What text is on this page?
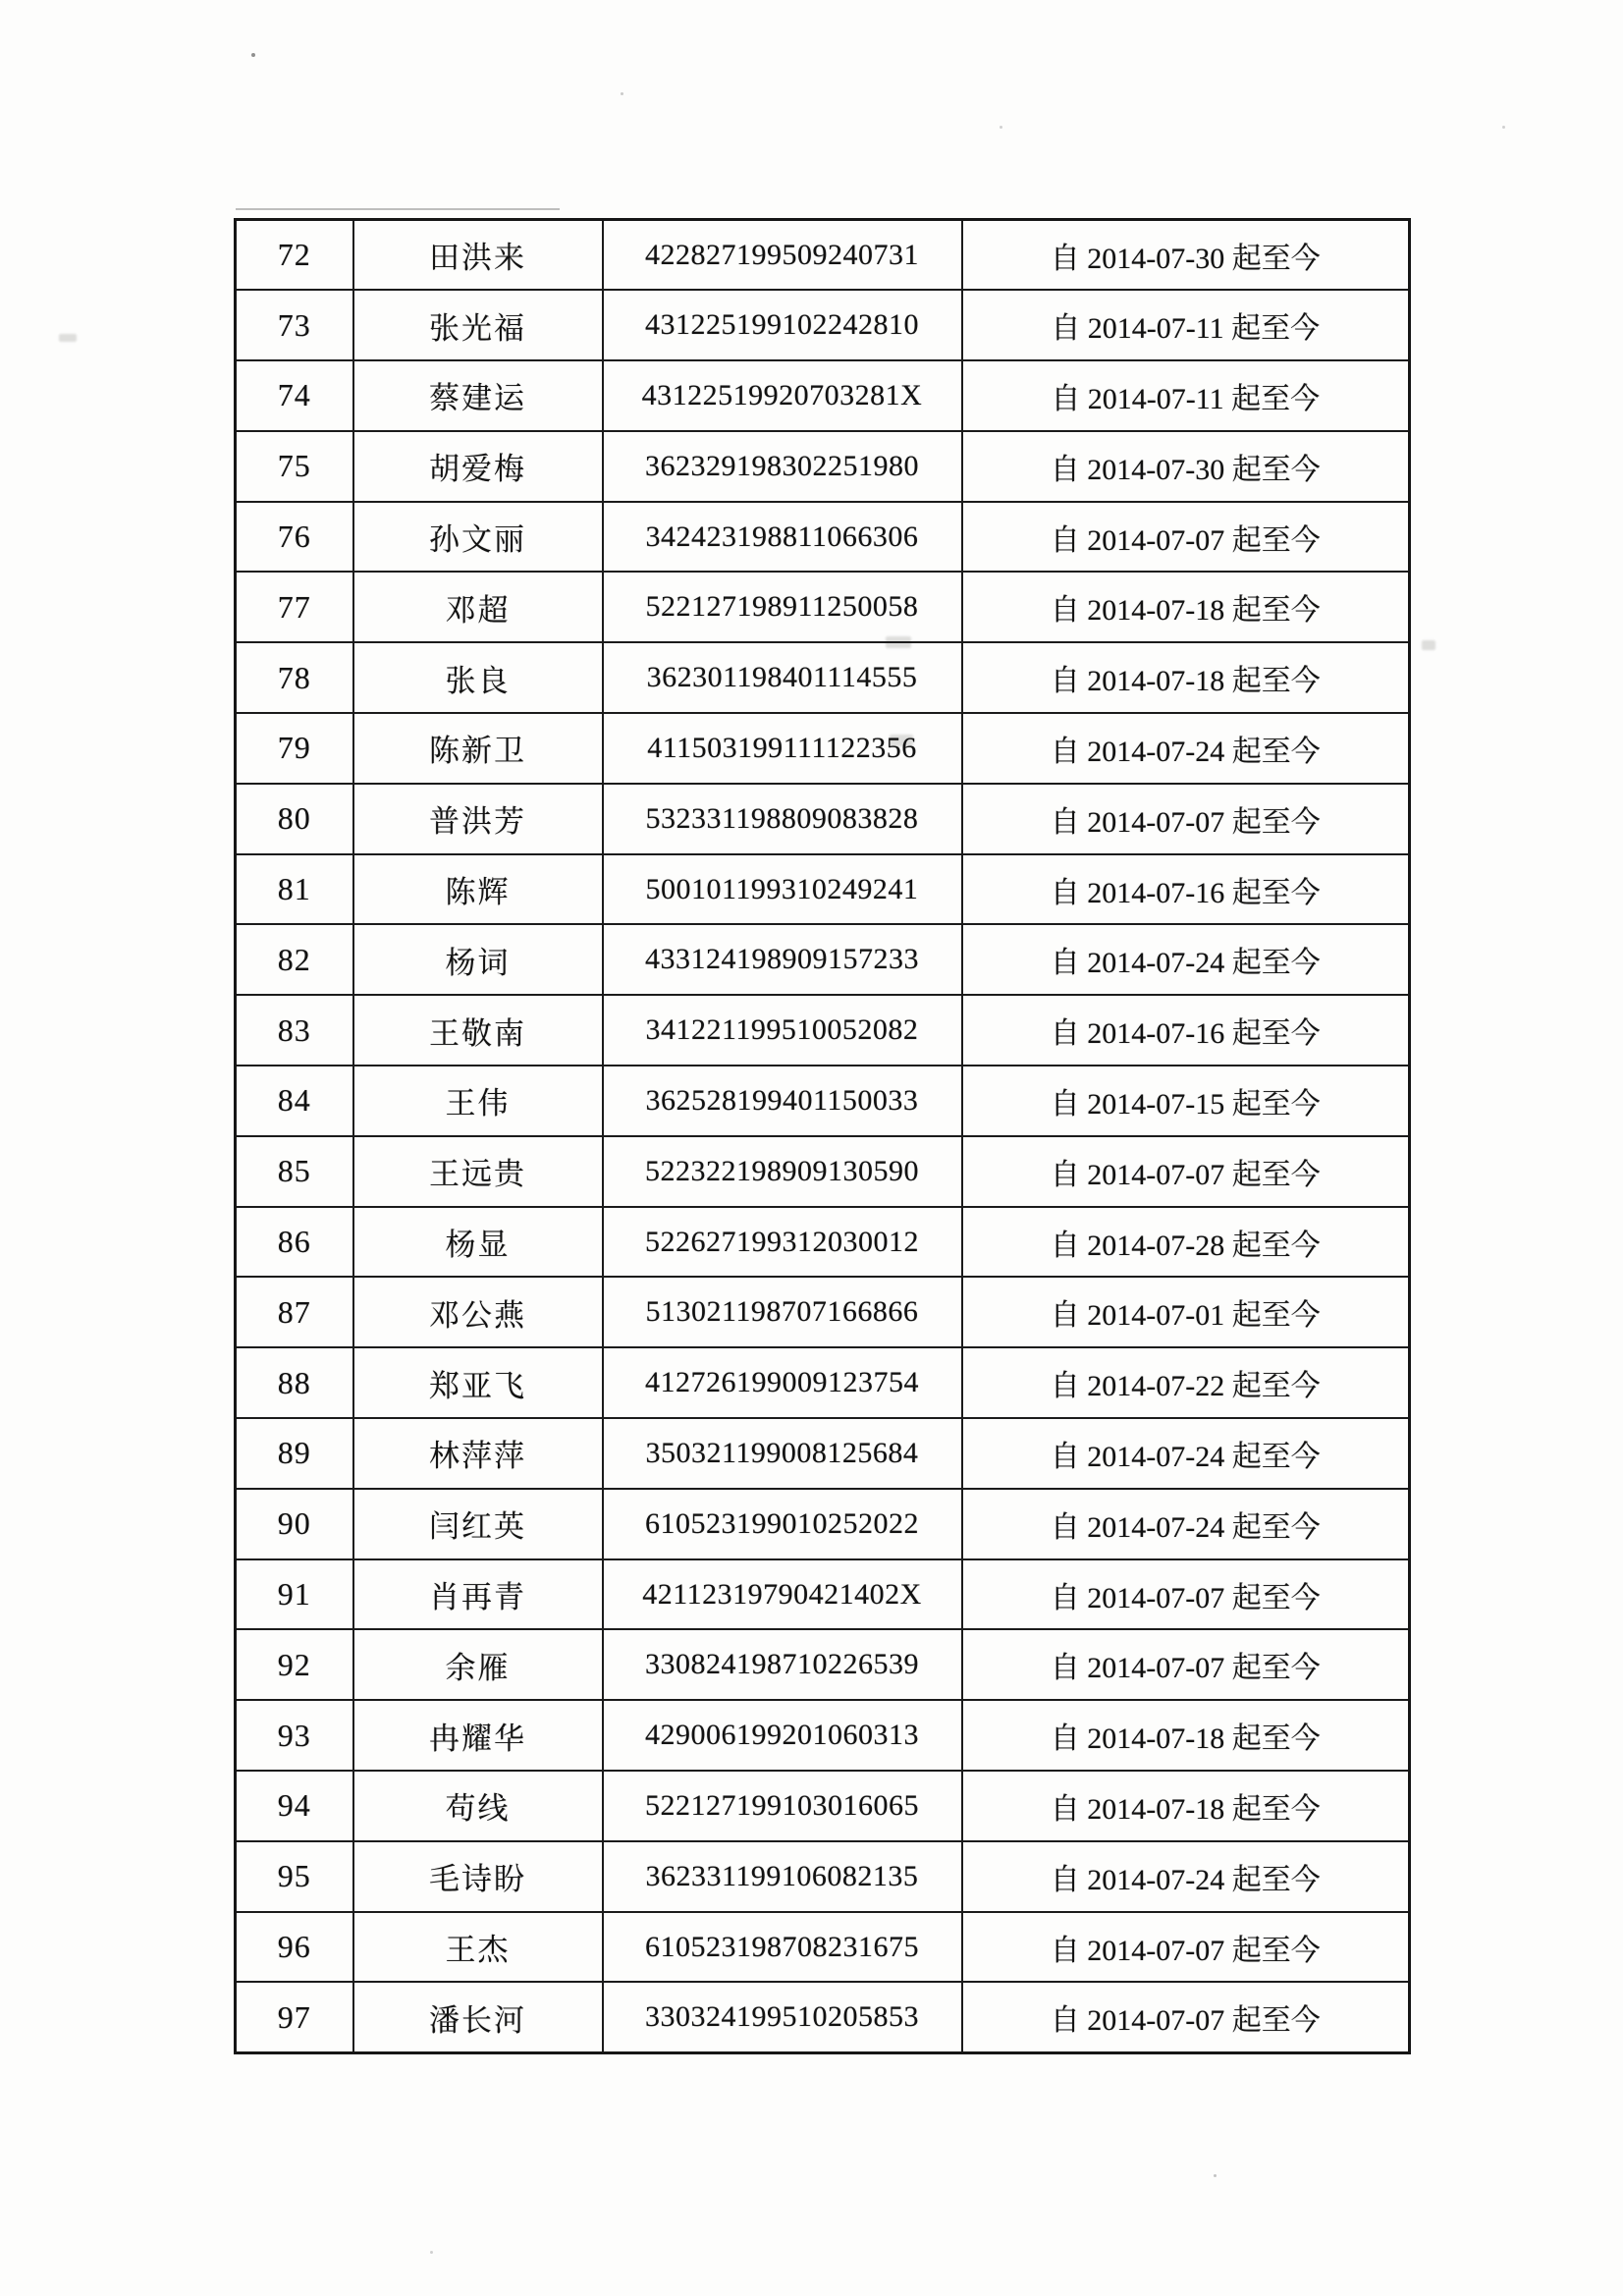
72	田洪来	422827199509240731	自 2014-07-30 起至今
73	张光福	431225199102242810	自 2014-07-11 起至今
74	蔡建运	43122519920703281X	自 2014-07-11 起至今
75	胡爱梅	362329198302251980	自 2014-07-30 起至今
76	孙文丽	342423198811066306	自 2014-07-07 起至今
77	邓超	522127198911250058	自 2014-07-18 起至今
78	张良	362301198401114555	自 2014-07-18 起至今
79	陈新卫	411503199111122356	自 2014-07-24 起至今
80	普洪芳	532331198809083828	自 2014-07-07 起至今
81	陈辉	500101199310249241	自 2014-07-16 起至今
82	杨词	433124198909157233	自 2014-07-24 起至今
83	王敬南	341221199510052082	自 2014-07-16 起至今
84	王伟	362528199401150033	自 2014-07-15 起至今
85	王远贵	522322198909130590	自 2014-07-07 起至今
86	杨显	522627199312030012	自 2014-07-28 起至今
87	邓公燕	513021198707166866	自 2014-07-01 起至今
88	郑亚飞	412726199009123754	自 2014-07-22 起至今
89	林萍萍	350321199008125684	自 2014-07-24 起至今
90	闫红英	610523199010252022	自 2014-07-24 起至今
91	肖再青	42112319790421402X	自 2014-07-07 起至今
92	余雁	330824198710226539	自 2014-07-07 起至今
93	冉耀华	429006199201060313	自 2014-07-18 起至今
94	苟线	522127199103016065	自 2014-07-18 起至今
95	毛诗盼	362331199106082135	自 2014-07-24 起至今
96	王杰	610523198708231675	自 2014-07-07 起至今
97	潘长河	330324199510205853	自 2014-07-07 起至今
